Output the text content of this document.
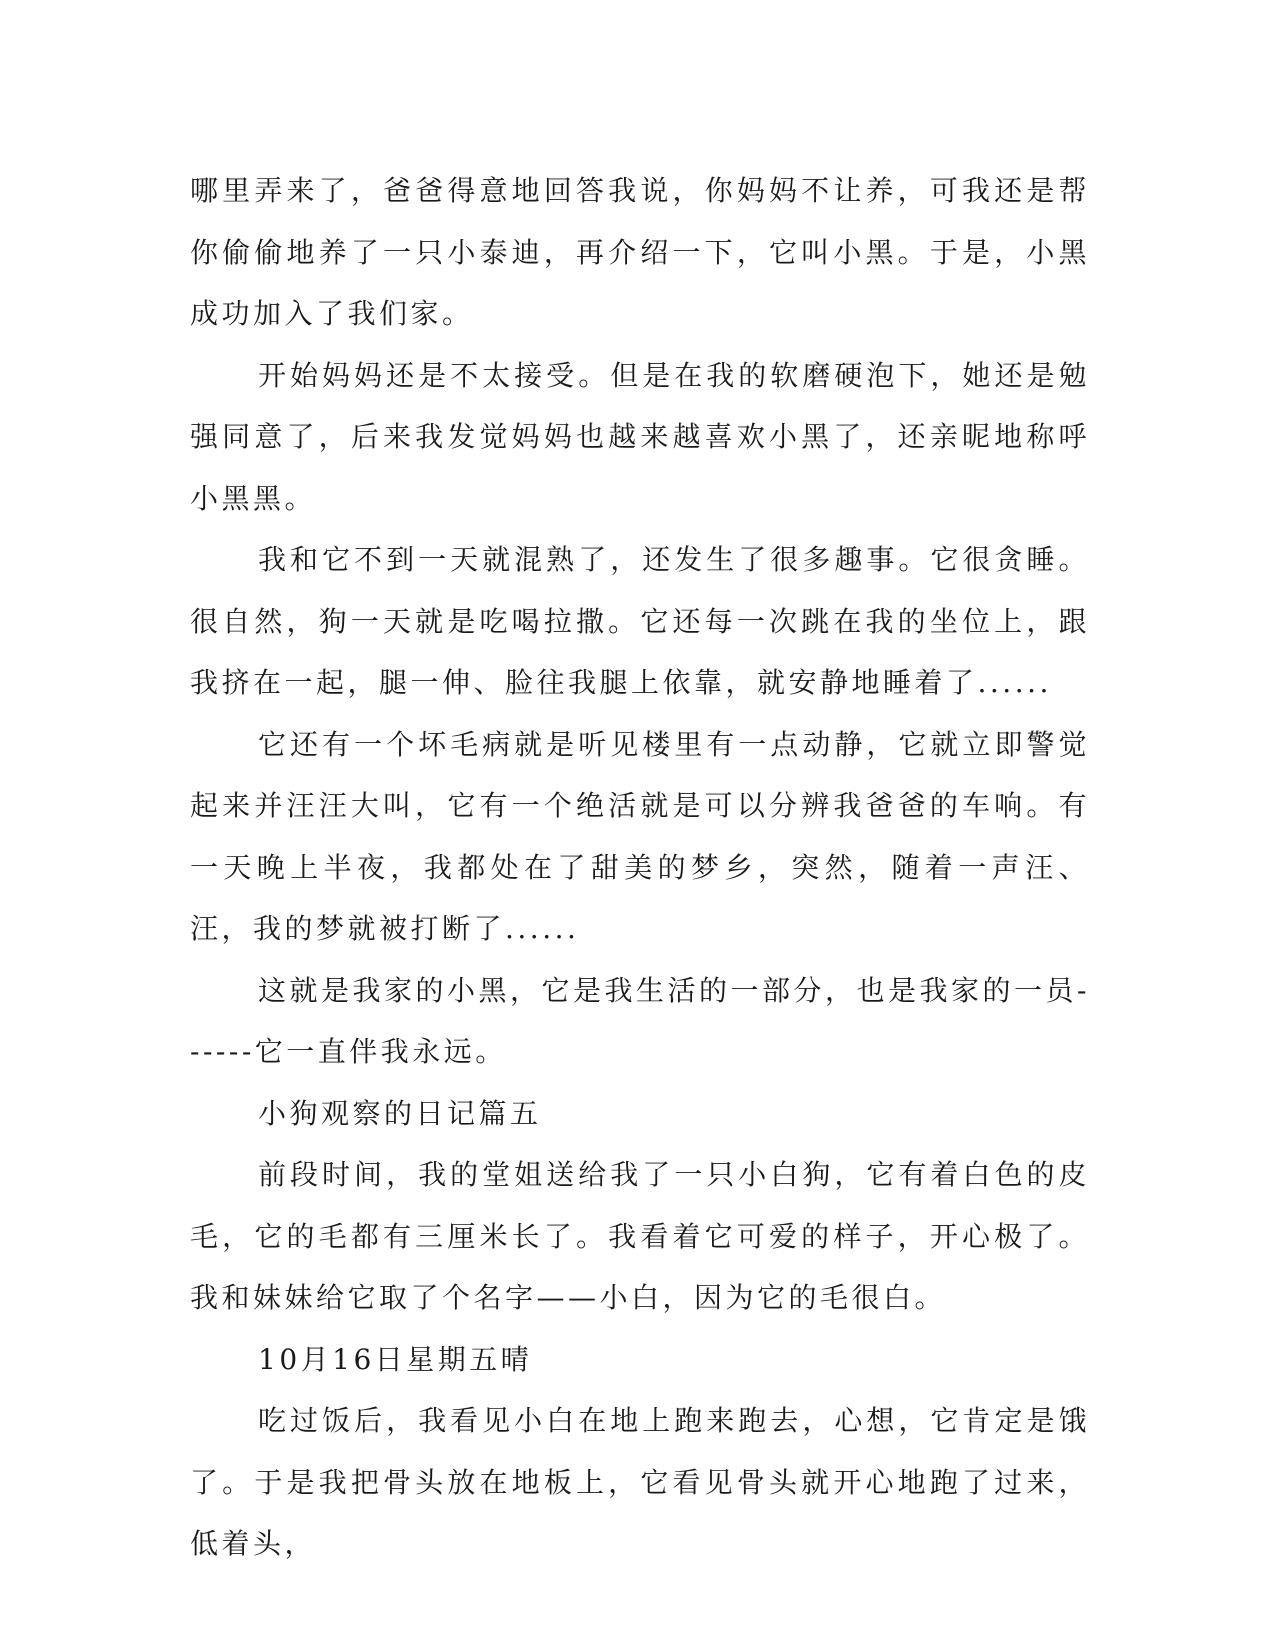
哪里弄来了，爸爸得意地回答我说，你妈妈不让养，可我还是帮你偷偷地养了一只小泰迪，再介绍一下，它叫小黑。于是，小黑成功加入了我们家。

开始妈妈还是不太接受。但是在我的软磨硬泡下，她还是勉强同意了，后来我发觉妈妈也越来越喜欢小黑了，还亲昵地称呼小黑黑。

我和它不到一天就混熟了，还发生了很多趣事。它很贪睡。很自然，狗一天就是吃喝拉撒。它还每一次跳在我的坐位上，跟我挤在一起，腿一伸、脸往我腿上依靠，就安静地睡着了......

它还有一个坏毛病就是听见楼里有一点动静，它就立即警觉起来并汪汪大叫，它有一个绝活就是可以分辨我爸爸的车响。有一天晚上半夜，我都处在了甜美的梦乡，突然，随着一声汪、汪，我的梦就被打断了......

这就是我家的小黑，它是我生活的一部分，也是我家的一员------它一直伴我永远。

小狗观察的日记篇五

前段时间，我的堂姐送给我了一只小白狗，它有着白色的皮毛，它的毛都有三厘米长了。我看着它可爱的样子，开心极了。我和妹妹给它取了个名字——小白，因为它的毛很白。

10月16日星期五晴

吃过饭后，我看见小白在地上跑来跑去，心想，它肯定是饿了。于是我把骨头放在地板上，它看见骨头就开心地跑了过来，低着头，
